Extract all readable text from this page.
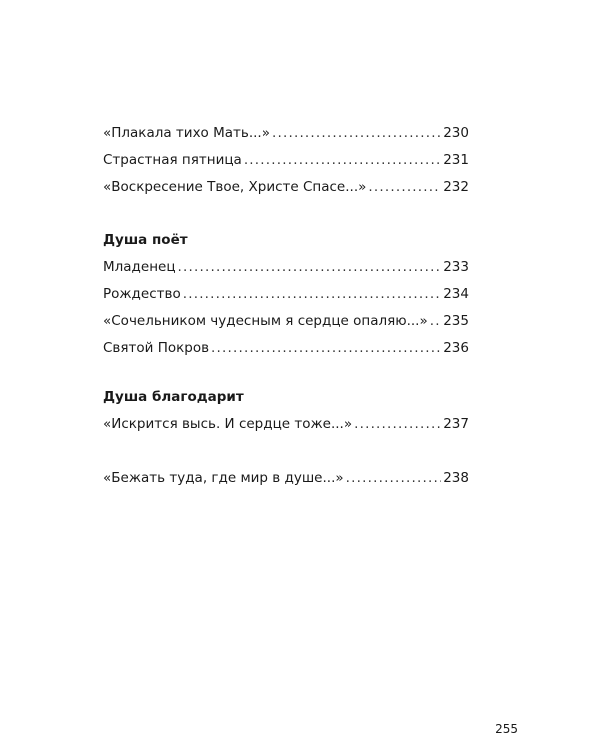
«Плакала тихо Мать...» .....	230
Страстная пятница .....	231
«Воскресение Твое, Христе Спасе...» .....	232
Душа поёт
Младенец .....	233
Рождество .....	234
«Сочельником чудесным я сердце опаляю...» ..... 235
Святой Покров .....	236
Душа благодарит
«Искрится высь. И сердце тоже...» .....	237
«Бежать туда, где мир в душе...» .....	238
255
